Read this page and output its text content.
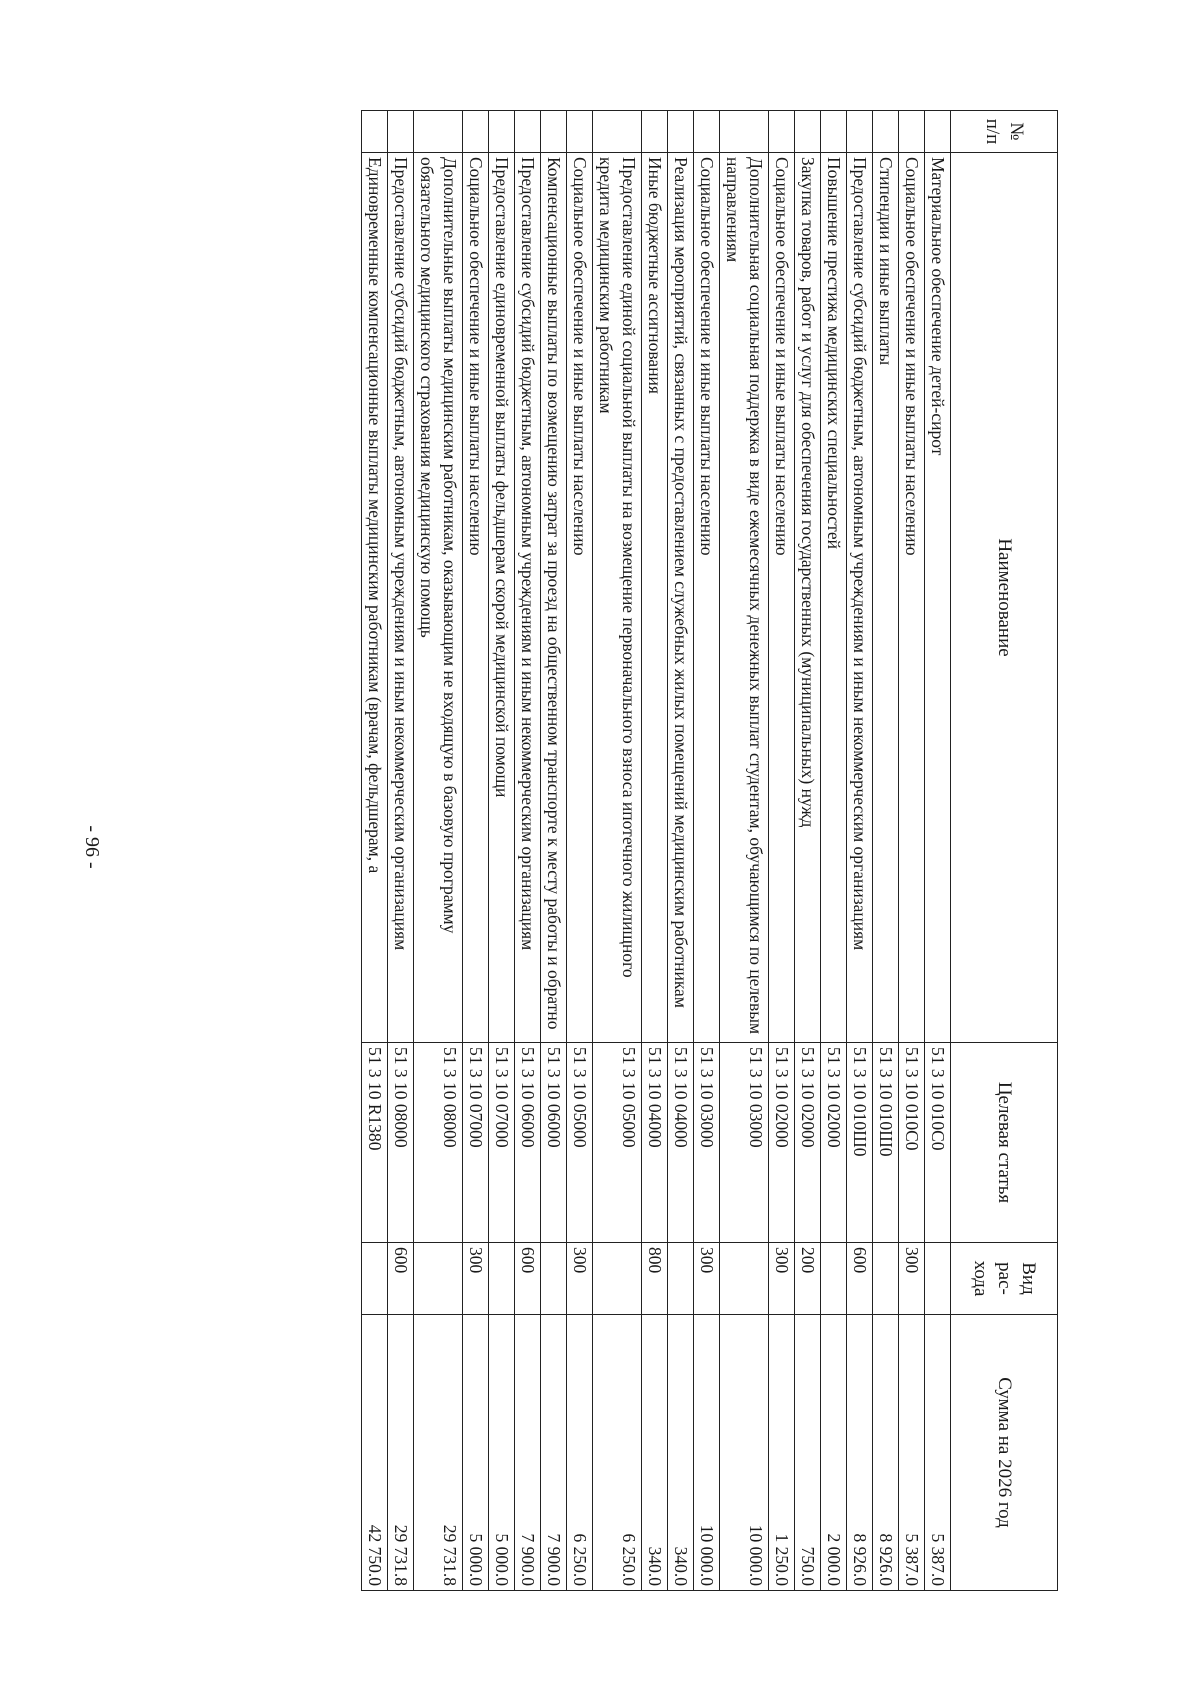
- 96 -
№ п/п	Наименование	Целевая статья	Вид рас-хода	Сумма на 2026 год
	Материальное обеспечение детей-сирот	51 3 10 010С0		5 387.0
	Социальное обеспечение и иные выплаты населению	51 3 10 010С0	300	5 387.0
	Стипендии и иные выплаты	51 3 10 010Ш0		8 926.0
	Предоставление субсидий бюджетным, автономным учреждениям и иным некоммерческим организациям	51 3 10 010Ш0	600	8 926.0
	Повышение престижа медицинских специальностей	51 3 10 02000		2 000.0
	Закупка товаров, работ и услуг для обеспечения государственных (муниципальных) нужд	51 3 10 02000	200	750.0
	Социальное обеспечение и иные выплаты населению	51 3 10 02000	300	1 250.0
	Дополнительная социальная поддержка в виде ежемесячных денежных выплат студентам, обучающимся по целевым направлениям	51 3 10 03000		10 000.0
	Социальное обеспечение и иные выплаты населению	51 3 10 03000	300	10 000.0
	Реализация мероприятий, связанных с предоставлением служебных жилых помещений медицинским работникам	51 3 10 04000		340.0
	Иные бюджетные ассигнования	51 3 10 04000	800	340.0
	Предоставление единой социальной выплаты на возмещение первоначального взноса ипотечного жилищного кредита медицинским работникам	51 3 10 05000		6 250.0
	Социальное обеспечение и иные выплаты населению	51 3 10 05000	300	6 250.0
	Компенсационные выплаты по возмещению затрат за проезд на общественном транспорте к месту работы и обратно	51 3 10 06000		7 900.0
	Предоставление субсидий бюджетным, автономным учреждениям и иным некоммерческим организациям	51 3 10 06000	600	7 900.0
	Предоставление единовременной выплаты фельдшерам скорой медицинской помощи	51 3 10 07000		5 000.0
	Социальное обеспечение и иные выплаты населению	51 3 10 07000	300	5 000.0
	Дополнительные выплаты медицинским работникам, оказывающим не входящую в базовую программу обязательного медицинского страхования медицинскую помощь	51 3 10 08000		29 731.8
	Предоставление субсидий бюджетным, автономным учреждениям и иным некоммерческим организациям	51 3 10 08000	600	29 731.8
	Единовременные компенсационные выплаты медицинским работникам (врачам, фельдшерам, а	51 3 10 R1380		42 750.0
